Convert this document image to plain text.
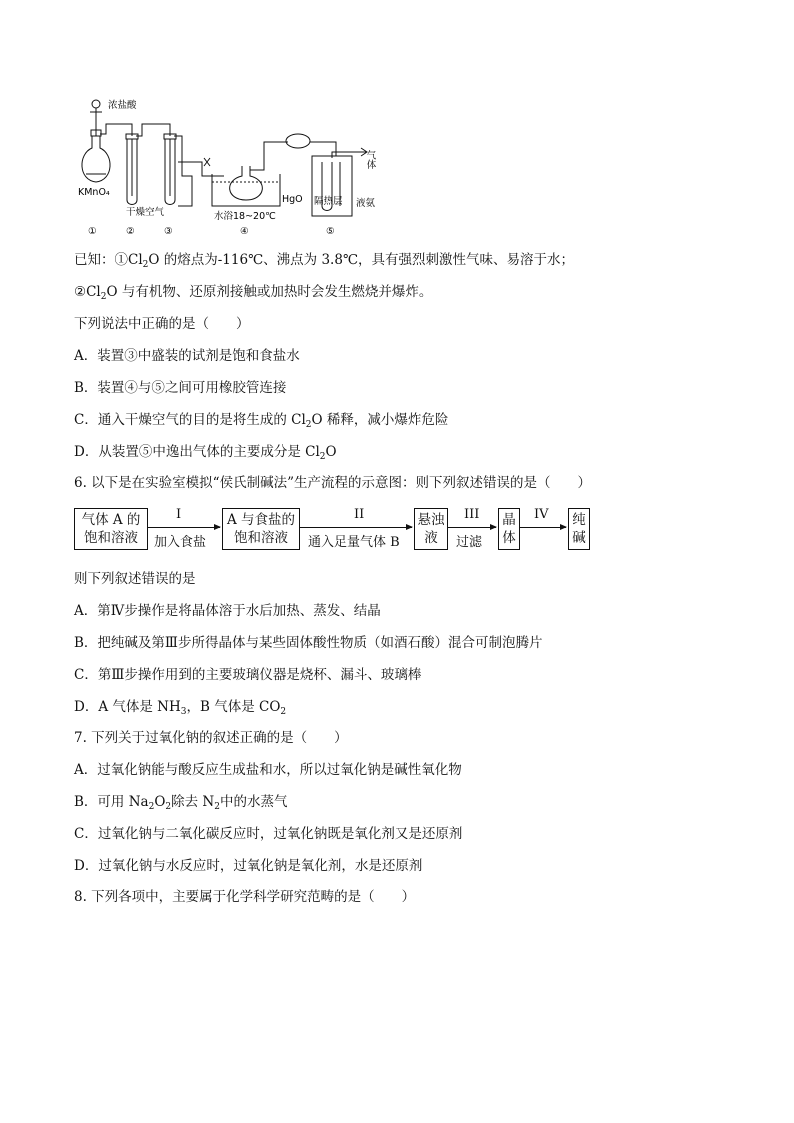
浓盐酸
KMnO₄
干燥空气	水浴18~20℃
HgO 隔热层 液氨
气体
①	②	③	④	⑤
已知：$①Cl_2O$ 的熔点为-116℃、沸点为 3.8℃，具有强烈刺激性气味、易溶于水；
$②Cl_2O$ 与有机物、还原剂接触或加热时会发生燃烧并爆炸。
下列说法中正确的是（　　）
A．装置③中盛装的试剂是饱和食盐水
B．装置④与⑤之间可用橡胶管连接
C．通入干燥空气的目的是将生成的 $Cl_2O$ 稀释，减小爆炸危险
D．从装置⑤中逸出气体的主要成分是 $Cl_2O$
6. 以下是在实验室模拟“侯氏制碱法”生产流程的示意图：则下列叙述错误的是（　　）
气体 A 的饱和溶液
I
加入食盐
A 与食盐的饱和溶液
II
通入足量气体 B
悬浊液
III
过滤
晶体
IV	纯碱
则下列叙述错误的是
A．第Ⅳ步操作是将晶体溶于水后加热、蒸发、结晶
B．把纯碱及第Ⅲ步所得晶体与某些固体酸性物质（如酒石酸）混合可制泡腾片
C．第Ⅲ步操作用到的主要玻璃仪器是烧杯、漏斗、玻璃棒
D．A 气体是 $NH_3$，B 气体是 $CO_2$
7. 下列关于过氧化钠的叙述正确的是（　　）
A．过氧化钠能与酸反应生成盐和水，所以过氧化钠是碱性氧化物
B．可用 $Na_2O_2$除去 $N_2$中的水蒸气
C．过氧化钠与二氧化碳反应时，过氧化钠既是氧化剂又是还原剂
D．过氧化钠与水反应时，过氧化钠是氧化剂，水是还原剂
8. 下列各项中，主要属于化学科学研究范畴的是（　　）
